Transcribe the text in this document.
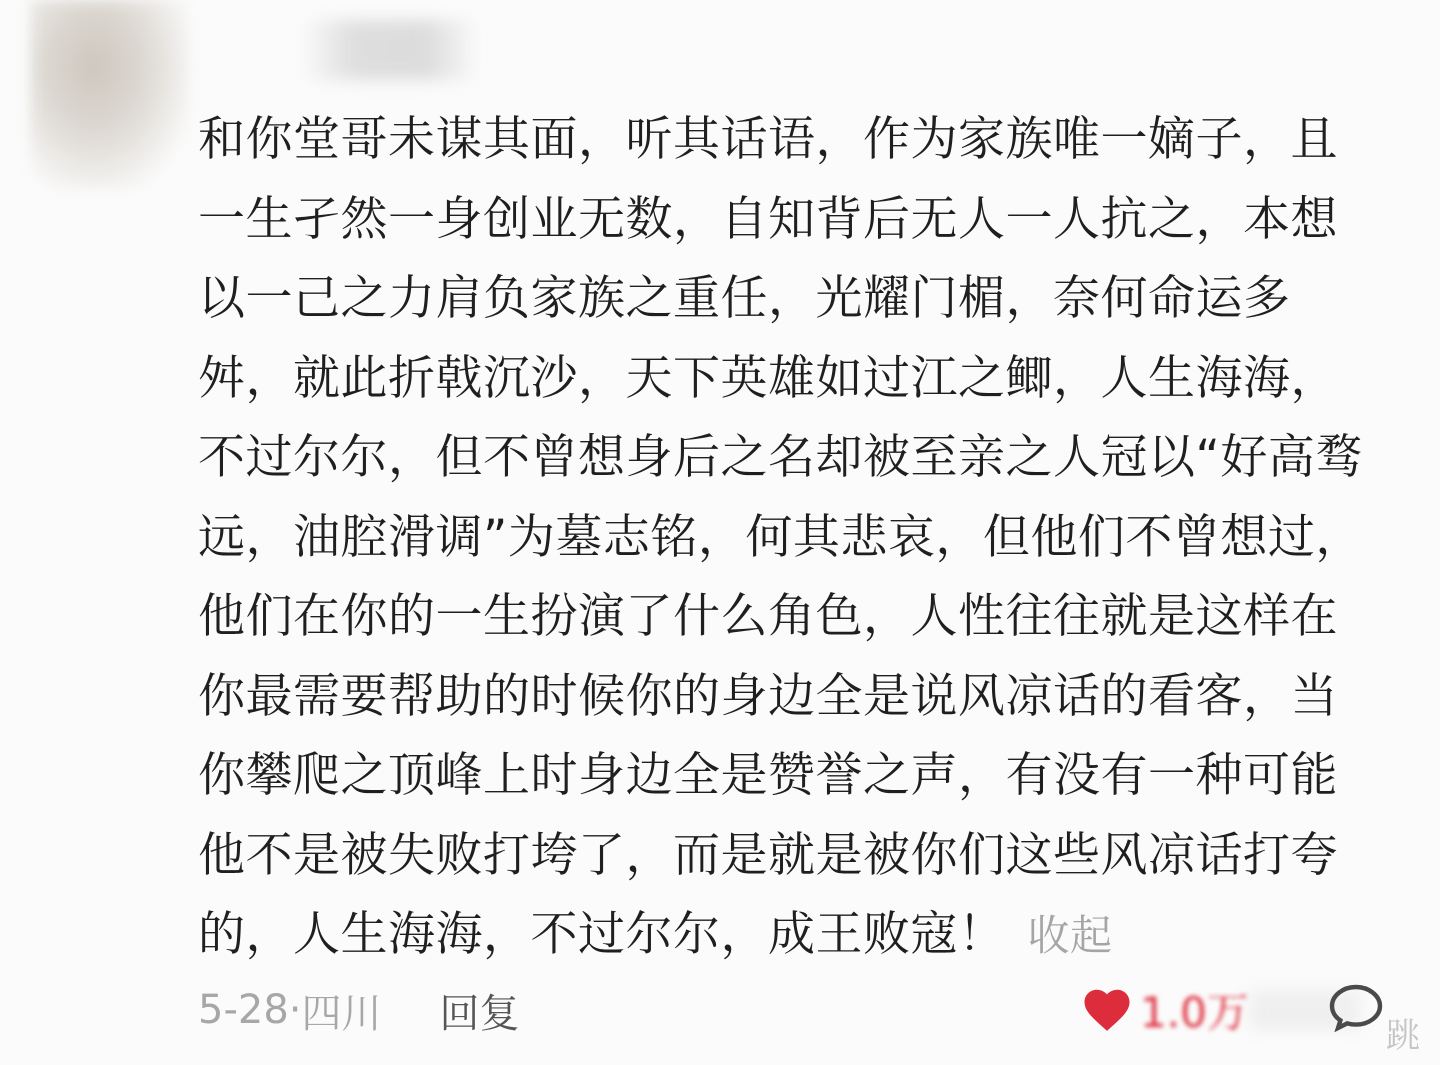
和你堂哥未谋其面，听其话语，作为家族唯一嫡子，且一生孑然一身创业无数，自知背后无人一人抗之，本想以一己之力肩负家族之重任，光耀门楣，奈何命运多舛，就此折戟沉沙，天下英雄如过江之鲫，人生海海，不过尔尔，但不曾想身后之名却被至亲之人冠以“好高骛远，油腔滑调”为墓志铭，何其悲哀，但他们不曾想过，他们在你的一生扮演了什么角色，人性往往就是这样在你最需要帮助的时候你的身边全是说风凉话的看客，当你攀爬之顶峰上时身边全是赞誉之声，有没有一种可能他不是被失败打垮了，而是就是被你们这些风凉话打夸的，人生海海，不过尔尔，成王败寇！ 收起

5-28 · 四川 回复	1.0万	跳
